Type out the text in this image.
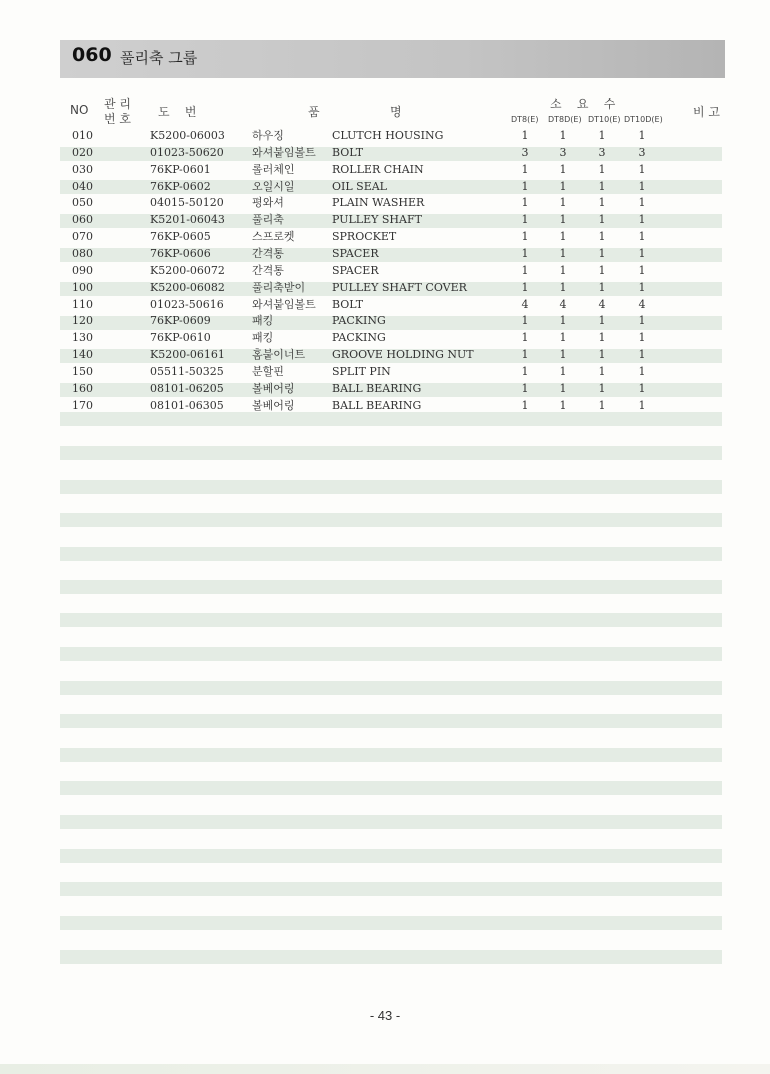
060 풀리축 그룹
NO 관 리
번 호 도    번	품	명
소    요    수
DT8(E) DT8D(E) DT10(E) DT10D(E)
비 고
010	K5200-06003 하우징	CLUTCH HOUSING	1	1	1	1
020	01023-50620	와셔붙임볼트 BOLT	3	3	3	3
030	76KP-0601	롤러체인	ROLLER CHAIN	1	1	1	1
040	76KP-0602	오일시일	OIL SEAL	1	1	1	1
050	04015-50120	평와셔	PLAIN WASHER	1	1	1	1
060	K5201-06043 풀리축	PULLEY SHAFT	1	1	1	1
070	76KP-0605	스프로켓	SPROCKET	1	1	1	1
080	76KP-0606	간격통	SPACER	1	1	1	1
090	K5200-06072 간격통	SPACER	1	1	1	1
100	K5200-06082 풀리축받이 PULLEY SHAFT COVER	1	1	1	1
110	01023-50616	와셔붙임볼트 BOLT	4	4	4	4
120	76KP-0609	패킹	PACKING	1	1	1	1
130	76KP-0610	패킹	PACKING	1	1	1	1
140	K5200-06161 홈붙이너트 GROOVE HOLDING NUT	1	1	1	1
150	05511-50325	분할핀	SPLIT PIN	1	1	1	1
160	08101-06205	볼베어링	BALL BEARING	1	1	1	1
170	08101-06305	볼베어링	BALL BEARING	1	1	1	1
- 43 -
